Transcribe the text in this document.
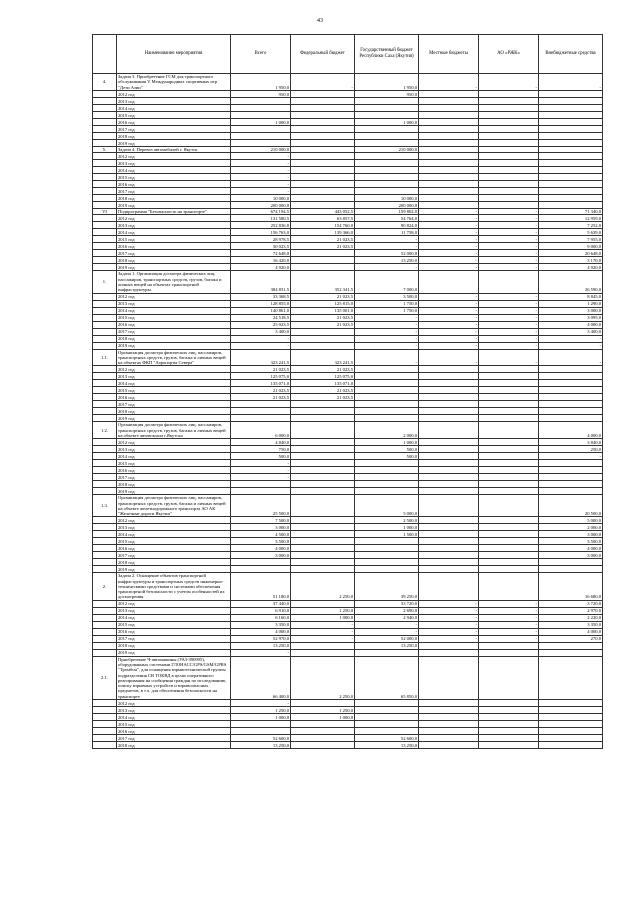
43
	Наименование мероприятия	Всего	Федеральный бюджет	Государственный бюджет Республики Саха (Якутия)	Местные бюджеты	АО «РЖК»	Внебюджетные средства
4.	Задача 3. Приобретение ГСМ для транспортного обслуживания V Международных спортивных игр "Дети Азии"	1 950,0	-	1 950,0	-	-	-
	2012 год	950,0		950,0			
	2013 год						
	2014 год						
	2015 год						
	2016 год	1 000,0		1 000,0			
	2017 год						
	2018 год						
	2019 год						
5.	Задача 4. Перевоз автомобилей г. Якутск	210 000,0		210 000,0			
	2012 год	-					
	2013 год	-					
	2014 год	-					
	2015 год	-					
	2016 год	-					
	2017 год	-					
	2018 год	10 000,0		10 000,0			
	2019 год	200 000,0		200 000,0			
VI	Подпрограмма "Безопасность на транспорте"	674 194,5	443 052,5	159 802,0	-	-	71 340,0
	2012 год	131 580,5	63 857,5	54 764,0	-	-	12 959,0
	2013 год	252 836,0	154 760,0	90 824,0	-	-	7 252,0
	2014 год	156 763,0	139 366,0	11 758,0	-	-	5 639,0
	2015 год	28 978,5	21 023,5	-	-	-	7 955,0
	2016 год	30 023,5	21 023,5	-	-	-	9 000,0
	2017 год	72 648,0		52 000,0	-	-	20 648,0
	2018 год	16 420,0		13 250,0	-	-	3 170,0
	2019 год	4 920,0		-	-	-	4 920,0
1.	Задача 1. Организация досмотра физических лиц, пассажиров, транспортных средств, грузов, багажа и личных вещей на объектах транспортной инфраструктуры	384 831,5	352 341,5	7 000,0			26 590,0
	2012 год	33 368,5	21 023,5	3 500,0	-	-	8 845,0
	2013 год	128 855,0	125 815,0	1 750,0	-	-	1 290,0
	2014 год	140 861,0	135 001,0	1 750,0	-	-	3 000,0
	2015 год	24 518,5	21 023,5	-	-	-	3 095,0
	2016 год	25 023,5	21 023,5	-	-	-	4 000,0
	2017 год	3 400,0		-	-	-	3 400,0
	2018 год	-		-	-	-	-
	2019 год	-		-	-	-	-
1.1.	Организация досмотра физических лиц, пассажиров, транспортных средств, грузов, багажа и личных вещей на объектах ФКП "Аэропорты Севера"	323 241,5	323 241,5	-	-	-	-
	2012 год	21 023,5	21 023,5				
	2013 год	125 075,0	125 075,0				
	2014 год	135 071,0	135 071,0				
	2015 год	21 023,5	21 023,5				
	2016 год	21 023,5	21 023,5				
	2017 год						
	2018 год						
	2019 год						
1.2.	Организация досмотра физических лиц, пассажиров, транспортных средств, грузов, багажа и личных вещей на объекте автовокзала г.Якутска	6 000,0		2 000,0			4 000,0
	2012 год	4 840,0		1 000,0			3 840,0
	2013 год	750,0		500,0			250,0
	2014 год	500,0		500,0			-
	2015 год	-					
	2016 год	-					
	2017 год	-					
	2018 год						
	2019 год						
1.3.	Организация досмотра физических лиц, пассажиров, транспортных средств, грузов, багажа и личных вещей на объекте железнодорожного транспорта АО АК "Железные дороги Якутии"	25 500,0		5 000,0			20 500,0
	2012 год	7 500,0		2 500,0			5 000,0
	2013 год	3 000,0		1 000,0			2 000,0
	2014 год	4 500,0		1 500,0			3 000,0
	2015 год	3 500,0					3 500,0
	2016 год	4 000,0					4 000,0
	2017 год	3 000,0					3 000,0
	2018 год						
	2019 год						
2.	Задача 2. Оснащение объектов транспортной инфраструктуры и транспортных средств инженерно-техническими средствами и системами обеспечения транспортной безопасности с учетом особенностей их досмотрения	51 180,0	2 250,0	39 250,0			16 680,0
	2012 год	37 440,0		33 720,0	-	-	3 720,0
	2013 год	6 910,0	1 250,0	2 690,0	-	-	2 970,0
	2014 год	6 160,0	1 000,0	2 940,0	-	-	2 220,0
	2015 год	3 350,0	-	-	-	-	3 350,0
	2016 год	4 000,0	-	-	-	-	4 000,0
	2017 год	52 970,0	-	52 000,0	-	-	270,0
	2018 год	13 250,0		13 250,0			
	2019 год	-					
2.1.	Приобретение Ч-автомашины (УАЗ-390995), оборудованных системами ГЛОНАСС/GPS/GSM/GPRS "Тромбон", для оснащения взрывотехнической группы подразделения СВ ТОКВД в целях оперативного реагирования на сообщения граждан по исследованию, поиску взрывных устройств и взрывоопасных предметов, в т.ч. для обеспечения безопасности на транспорте	66 400,0	2 250,0	65 850,0			
	2012 год	-					
	2013 год	1 250,0	1 250,0				
	2014 год	1 000,0	1 000,0				
	2015 год						
	2016 год						
	2017 год	52 600,0		52 600,0			
	2018 год	13 250,0		13 250,0			
